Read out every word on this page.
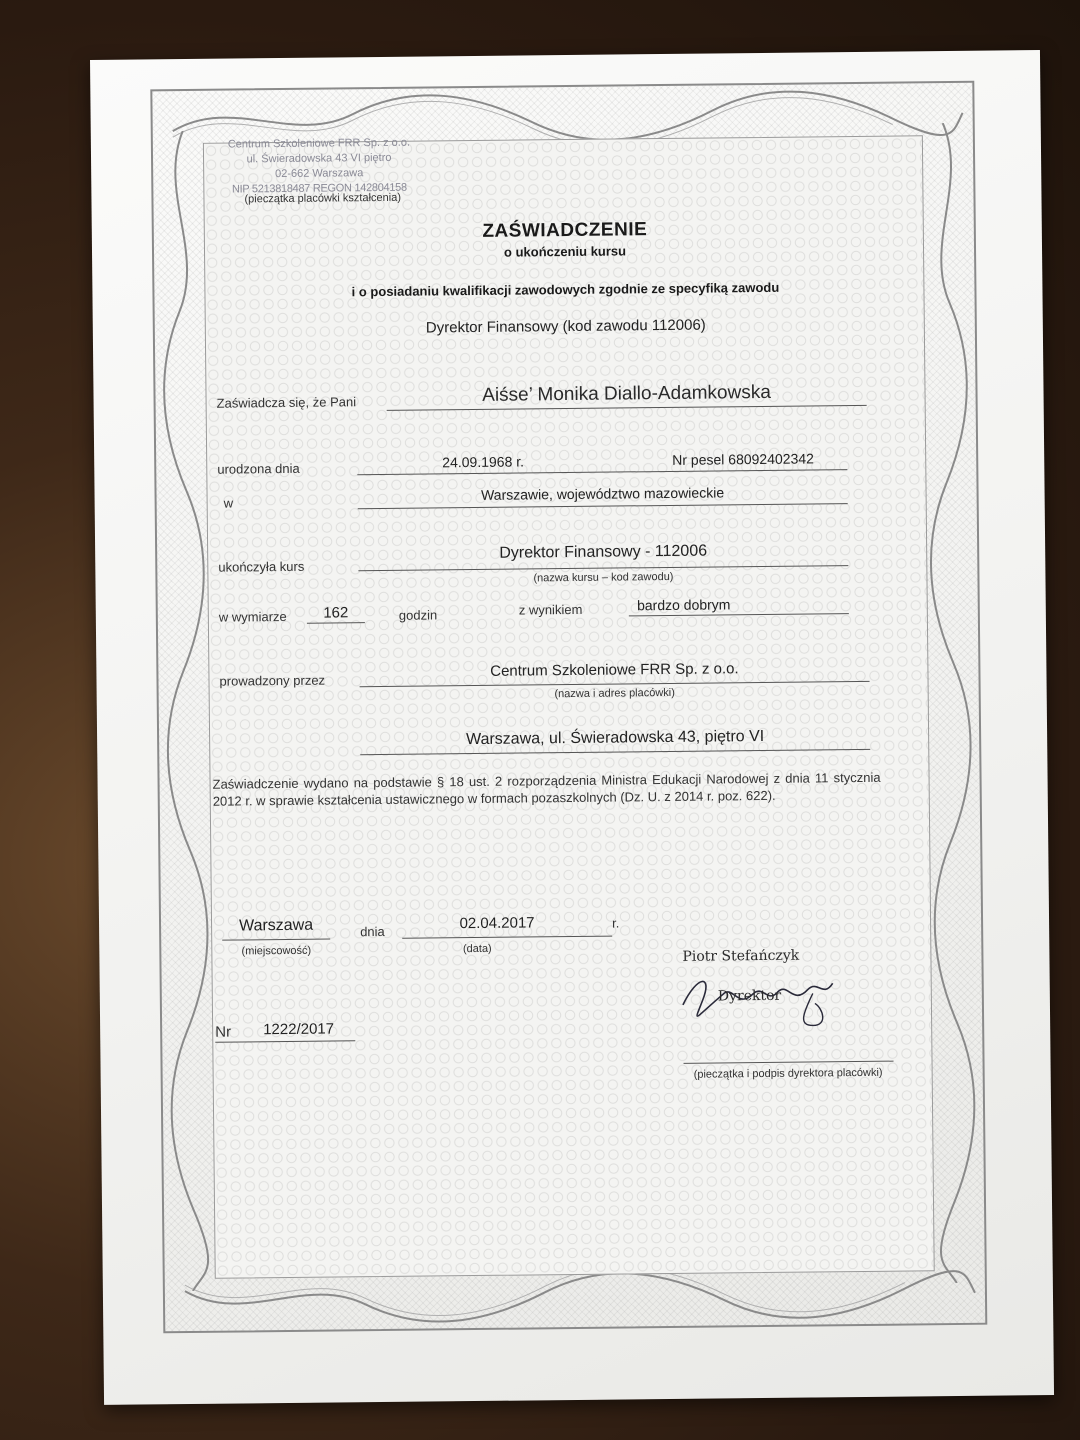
Centrum Szkoleniowe FRR Sp. z o.o.
ul. Świeradowska 43 VI piętro
02-662 Warszawa
NIP 5213818487 REGON 142804158
(pieczątka placówki kształcenia)
ZAŚWIADCZENIE
o ukończeniu kursu
i o posiadaniu kwalifikacji zawodowych zgodnie ze specyfiką zawodu
Dyrektor Finansowy (kod zawodu 112006)
Zaświadcza się, że Pani	Aiśse’ Monika Diallo-Adamkowska
urodzona dnia	24.09.1968 r.	Nr pesel 68092402342
w
Warszawie, województwo mazowieckie
ukończyła kurs
Dyrektor Finansowy - 112006
(nazwa kursu – kod zawodu)
w wymiarze	162	godzin	z wynikiem	bardzo dobrym
prowadzony przez
Centrum Szkoleniowe FRR Sp. z o.o.
(nazwa i adres placówki)
Warszawa, ul. Świeradowska 43, piętro VI
Zaświadczenie wydano na podstawie § 18 ust. 2 rozporządzenia Ministra Edukacji Narodowej z dnia 11 stycznia 2012 r. w sprawie kształcenia ustawicznego w formach pozaszkolnych (Dz. U. z 2014 r. poz. 622).
Warszawa
(miejscowość)
dnia	02.04.2017	r.
(data)	Piotr Stefańczyk
Dyrektor
Nr 1222/2017
(pieczątka i podpis dyrektora placówki)
